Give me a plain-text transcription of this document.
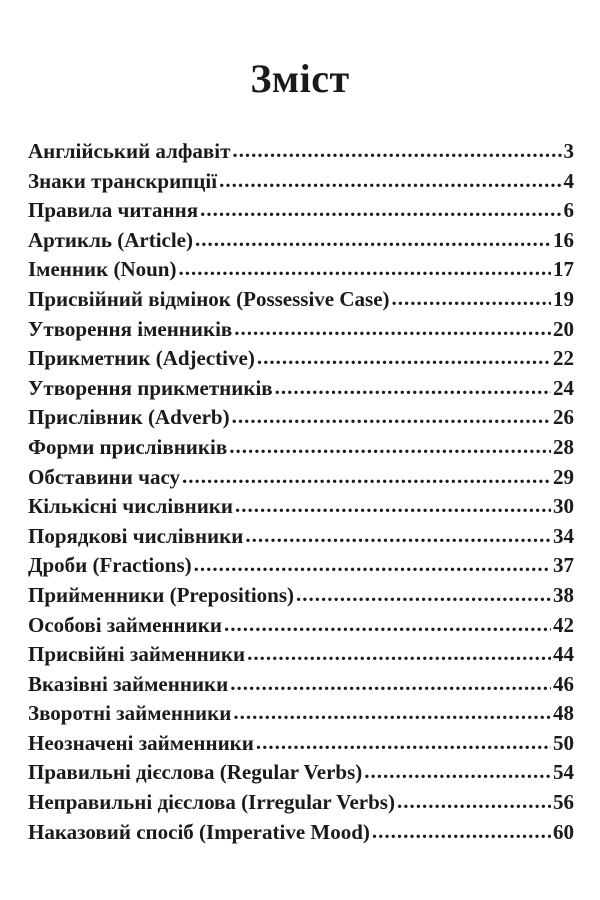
Зміст
Англійський алфавіт .....	3
Знаки транскрипції .....	4
Правила читання .....	6
Артикль (Article) .....	16
Іменник (Noun) .....	17
Присвійний відмінок (Possessive Case) .....	19
Утворення іменників .....	20
Прикметник (Adjective) .....	22
Утворення прикметників .....	24
Прислівник (Adverb) .....	26
Форми прислівників .....	28
Обставини часу .....	29
Кількісні числівники .....	30
Порядкові числівники .....	34
Дроби (Fractions) .....	37
Прийменники (Prepositions) .....	38
Особові займенники .....	42
Присвійні займенники .....	44
Вказівні займенники .....	46
Зворотні займенники .....	48
Неозначені займенники .....	50
Правильні дієслова (Regular Verbs) .....	54
Неправильні дієслова (Irregular Verbs) .....	56
Наказовий спосіб (Imperative Mood) .....	60
